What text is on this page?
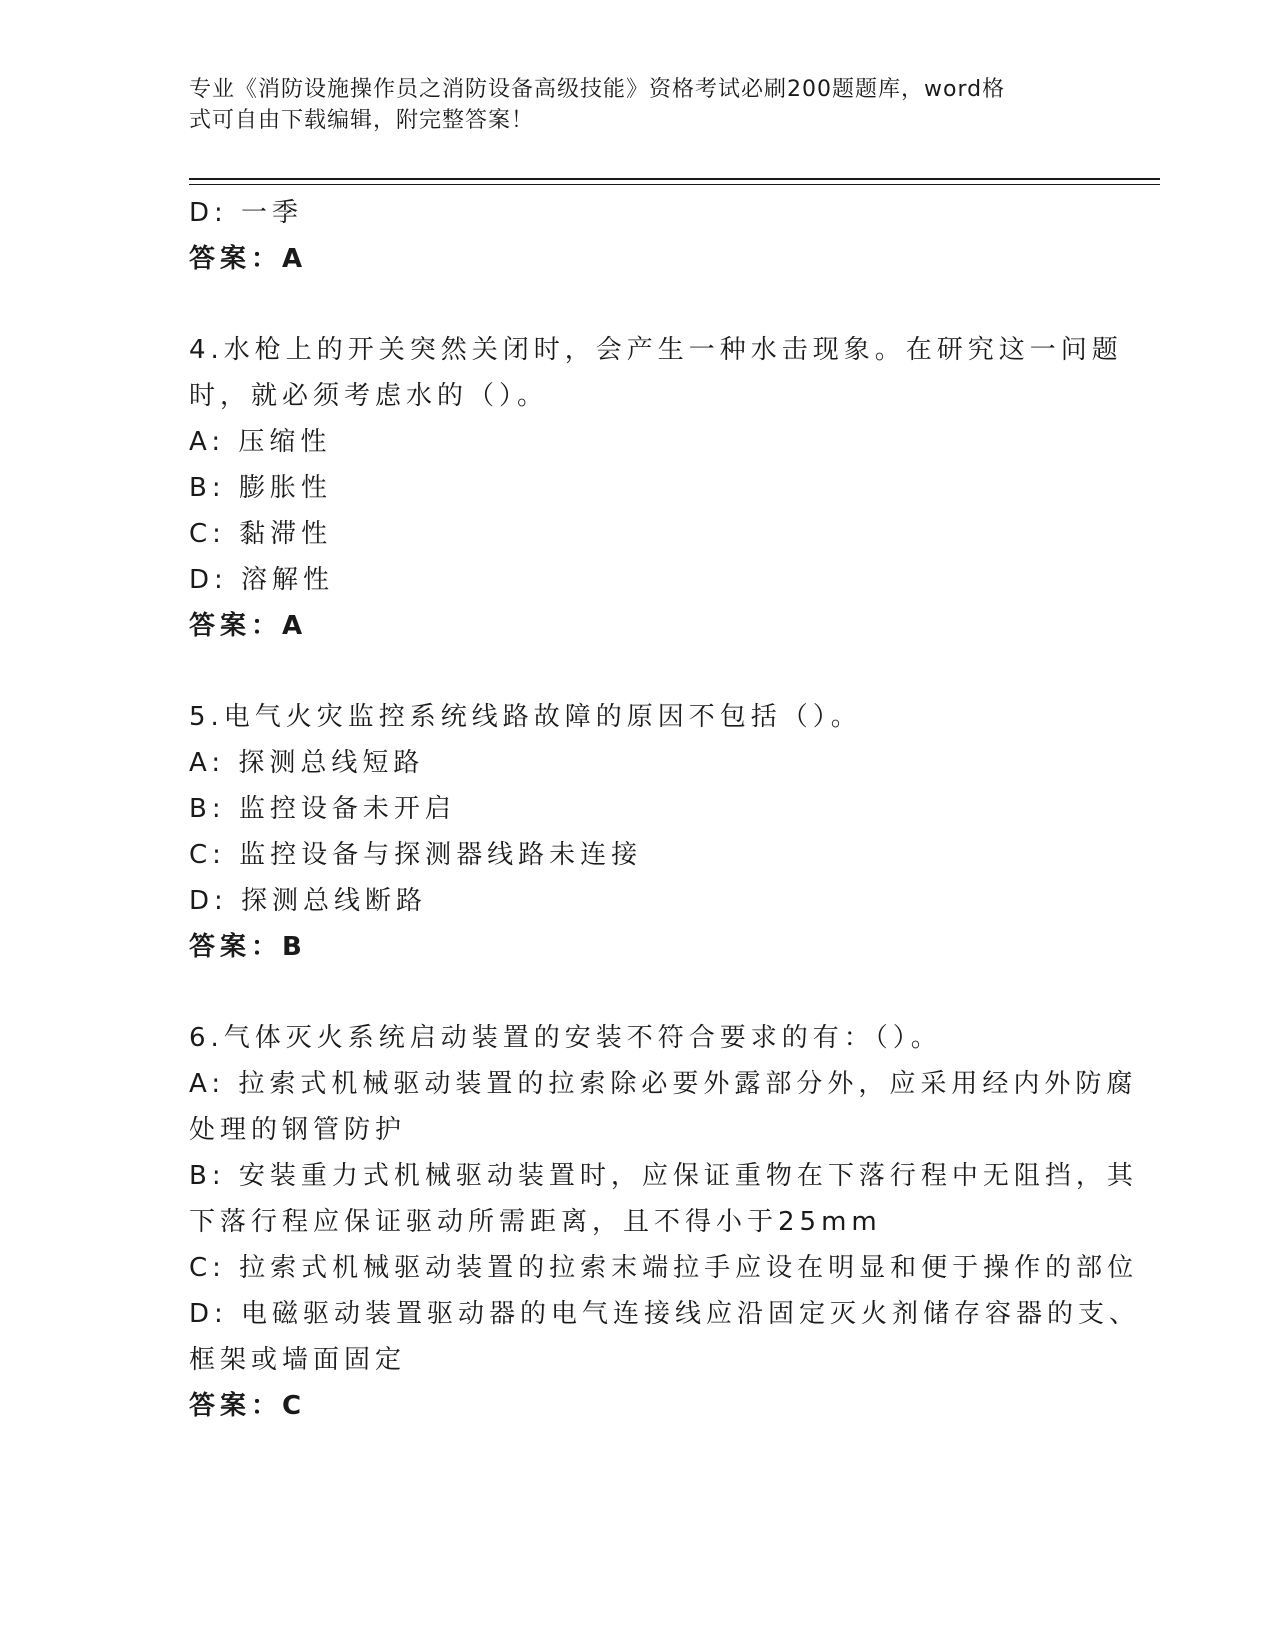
专业《消防设施操作员之消防设备高级技能》资格考试必刷200题题库，word格
式可自由下载编辑，附完整答案！
D: 一季
答案：A
4.水枪上的开关突然关闭时，会产生一种水击现象。在研究这一问题
时，就必须考虑水的（）。
A: 压缩性
B: 膨胀性
C: 黏滞性
D: 溶解性
答案：A
5.电气火灾监控系统线路故障的原因不包括（）。
A: 探测总线短路
B: 监控设备未开启
C: 监控设备与探测器线路未连接
D: 探测总线断路
答案：B
6.气体灭火系统启动装置的安装不符合要求的有：（）。
A: 拉索式机械驱动装置的拉索除必要外露部分外，应采用经内外防腐
处理的钢管防护
B: 安装重力式机械驱动装置时，应保证重物在下落行程中无阻挡，其
下落行程应保证驱动所需距离，且不得小于25mm
C: 拉索式机械驱动装置的拉索末端拉手应设在明显和便于操作的部位
D: 电磁驱动装置驱动器的电气连接线应沿固定灭火剂储存容器的支、
框架或墙面固定
答案：C
